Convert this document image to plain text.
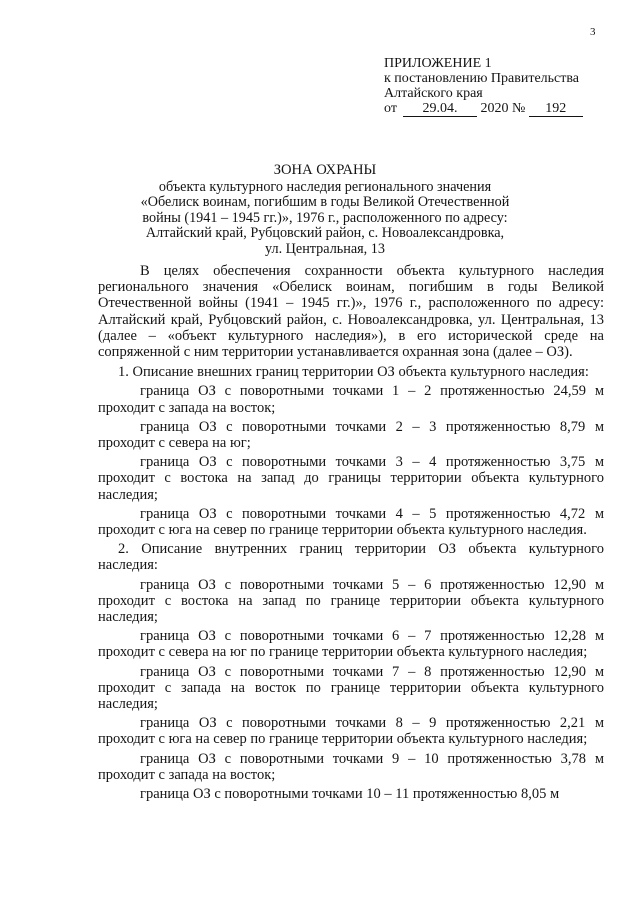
3
ПРИЛОЖЕНИЕ 1
к постановлению Правительства
Алтайского края
от 29.04. 2020 № 192
ЗОНА ОХРАНЫ
объекта культурного наследия регионального значения
«Обелиск воинам, погибшим в годы Великой Отечественной
войны (1941 – 1945 гг.)», 1976 г., расположенного по адресу:
Алтайский край, Рубцовский район, с. Новоалександровка,
ул. Центральная, 13

В целях обеспечения сохранности объекта культурного наследия регионального значения «Обелиск воинам, погибшим в годы Великой Отечественной войны (1941 – 1945 гг.)», 1976 г., расположенного по адресу: Алтайский край, Рубцовский район, с. Новоалександровка, ул. Центральная, 13 (далее – «объект культурного наследия»), в его исторической среде на сопряженной с ним территории устанавливается охранная зона (далее – ОЗ).

1. Описание внешних границ территории ОЗ объекта культурного наследия:

граница ОЗ с поворотными точками 1 – 2 протяженностью 24,59 м проходит с запада на восток;

граница ОЗ с поворотными точками 2 – 3 протяженностью 8,79 м проходит с севера на юг;

граница ОЗ с поворотными точками 3 – 4 протяженностью 3,75 м проходит с востока на запад до границы территории объекта культурного наследия;

граница ОЗ с поворотными точками 4 – 5 протяженностью 4,72 м проходит с юга на север по границе территории объекта культурного наследия.

2. Описание внутренних границ территории ОЗ объекта культурного наследия:

граница ОЗ с поворотными точками 5 – 6 протяженностью 12,90 м проходит с востока на запад по границе территории объекта культурного наследия;

граница ОЗ с поворотными точками 6 – 7 протяженностью 12,28 м проходит с севера на юг по границе территории объекта культурного наследия;

граница ОЗ с поворотными точками 7 – 8 протяженностью 12,90 м проходит с запада на восток по границе территории объекта культурного наследия;

граница ОЗ с поворотными точками 8 – 9 протяженностью 2,21 м проходит с юга на север по границе территории объекта культурного наследия;

граница ОЗ с поворотными точками 9 – 10 протяженностью 3,78 м проходит с запада на восток;

граница ОЗ с поворотными точками 10 – 11 протяженностью 8,05 м
